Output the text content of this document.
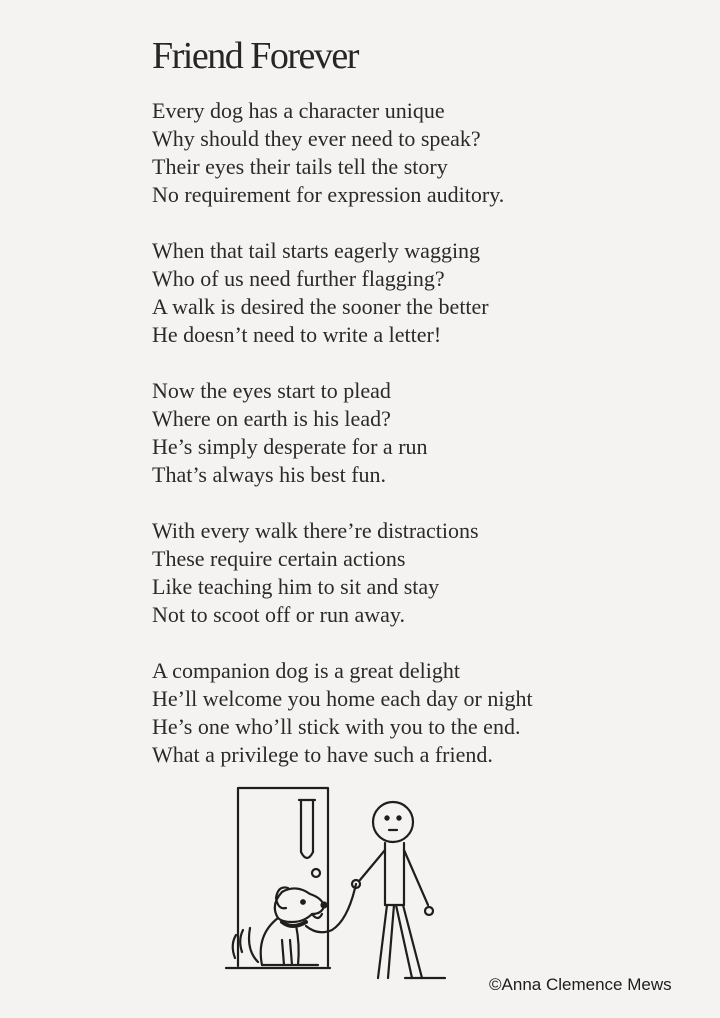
Friend Forever
Every dog has a character unique
Why should they ever need to speak?
Their eyes their tails tell the story
No requirement for expression auditory.
When that tail starts eagerly wagging
Who of us need further flagging?
A walk is desired the sooner the better
He doesn’t need to write a letter!
Now the eyes start to plead
Where on earth is his lead?
He’s simply desperate for a run
That’s always his best fun.
With every walk there’re distractions
These require certain actions
Like teaching him to sit and stay
Not to scoot off or run away.
A companion dog is a great delight
He’ll welcome you home each day or night
He’s one who’ll stick with you to the end.
What a privilege to have such a friend.
©Anna Clemence Mews
